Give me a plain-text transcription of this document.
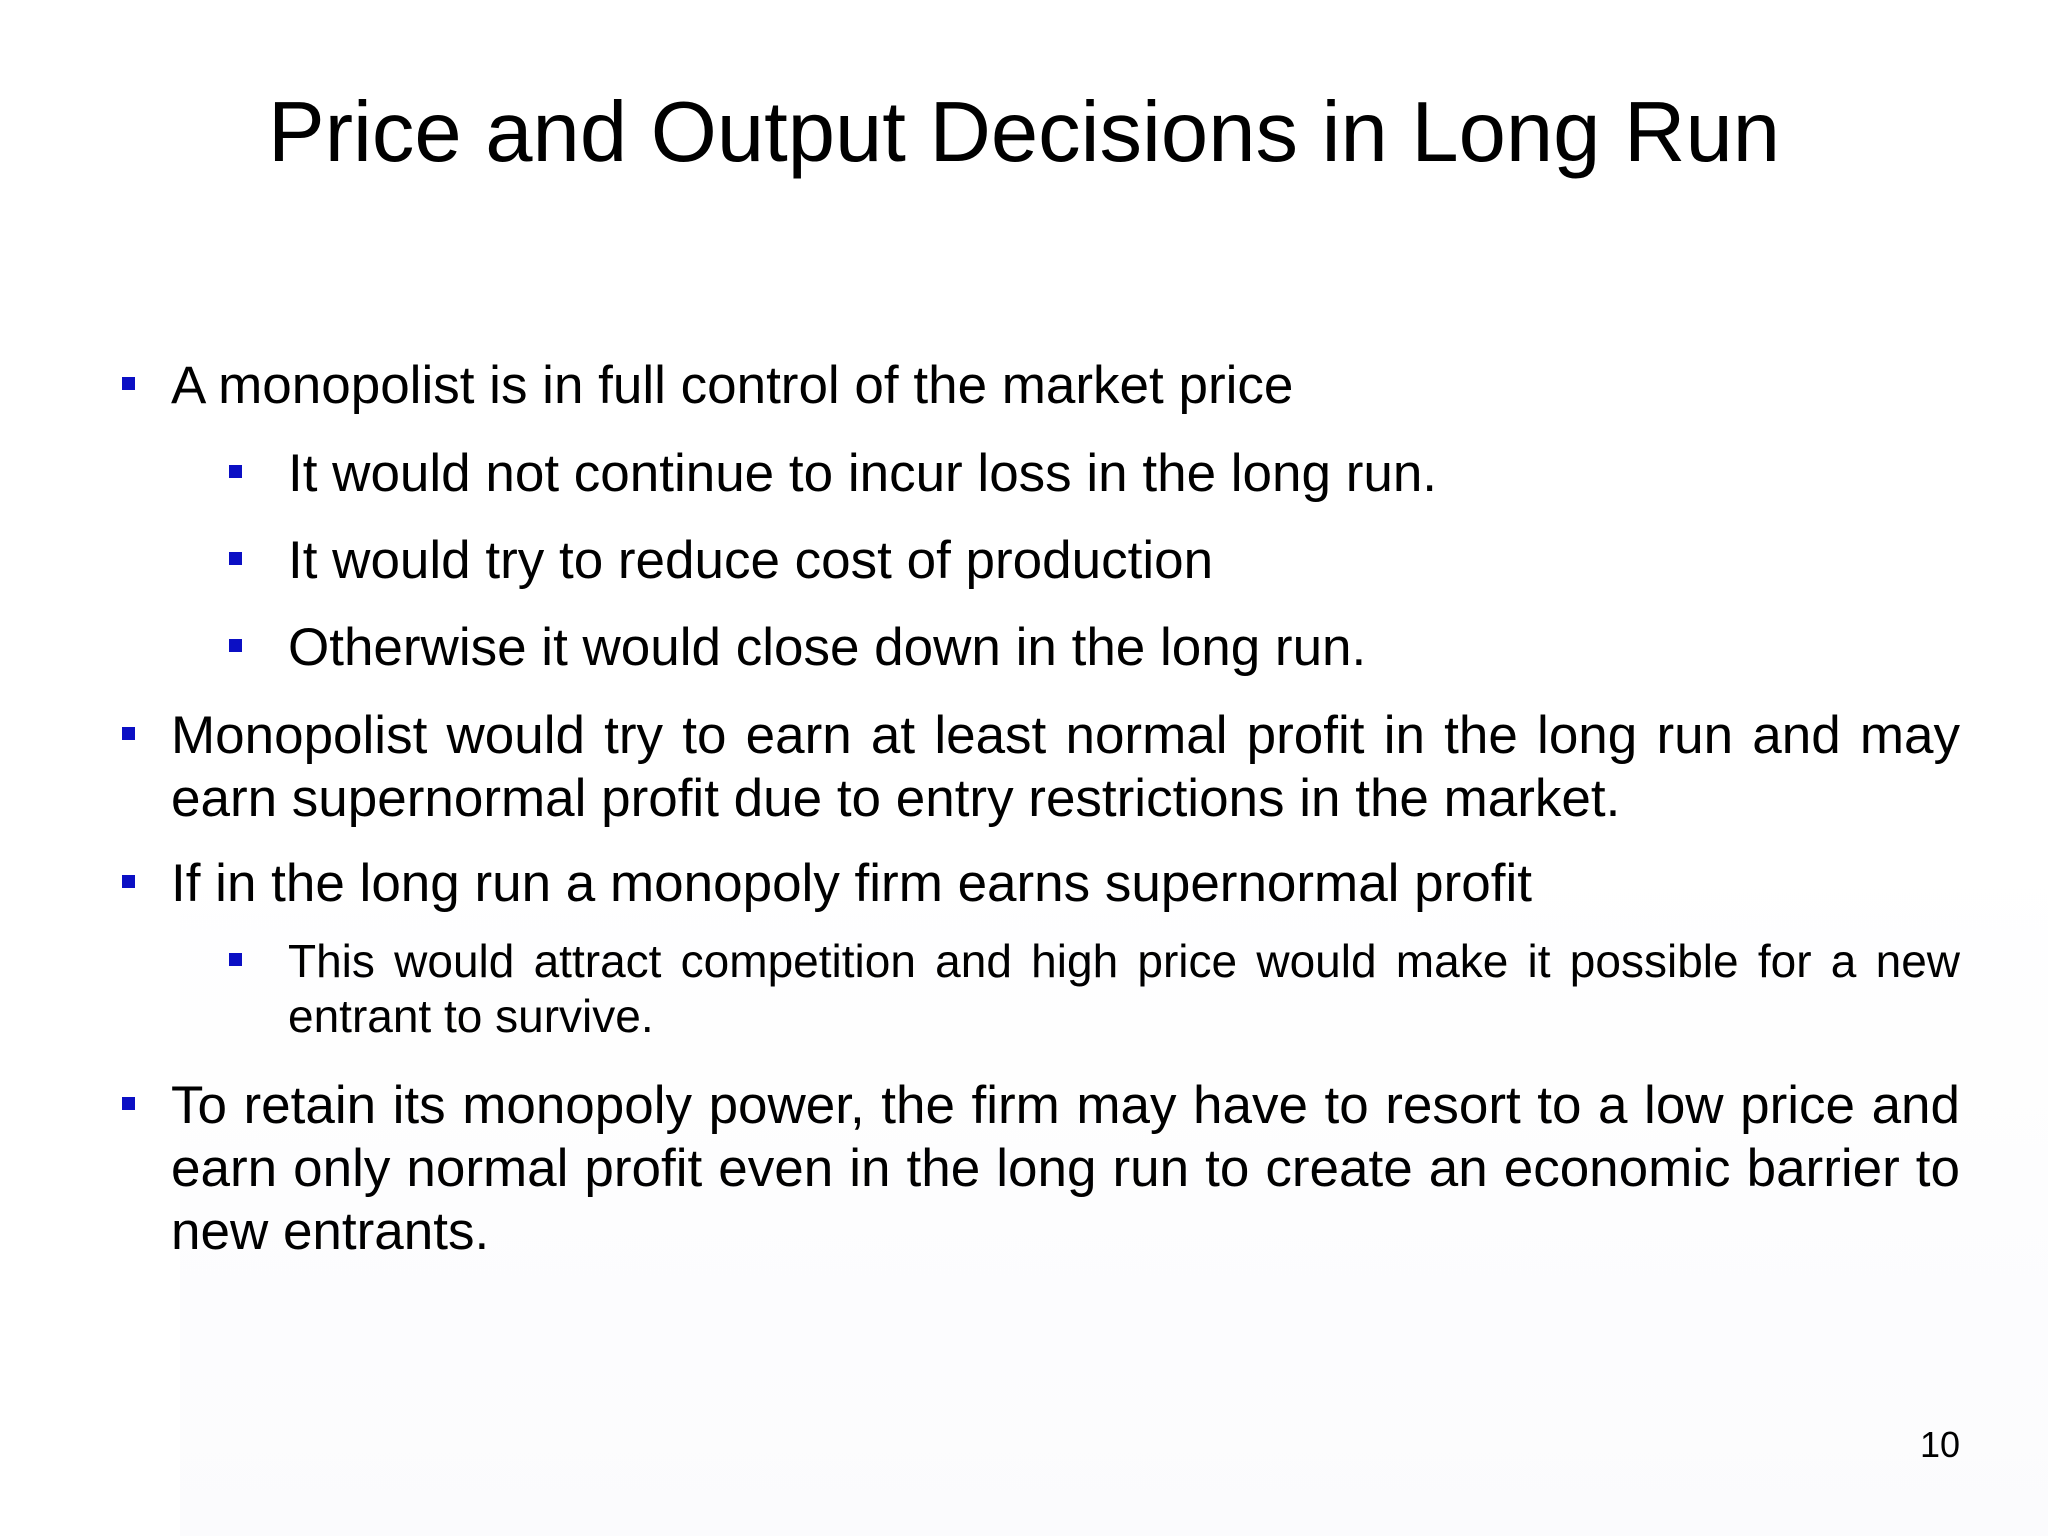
Price and Output Decisions in Long Run
A monopolist is in full control of the market price
It would not continue to incur loss in the long run.
It would try to reduce cost of production
Otherwise it would close down in the long run.
Monopolist would try to earn at least normal profit in the long run and may earn supernormal profit due to entry restrictions in the market.
If in the long run a monopoly firm earns supernormal profit
This would attract competition and high price would make it possible for a new entrant to survive.
To retain its monopoly power, the firm may have to resort to a low price and earn only normal profit even in the long run to create an economic barrier to new entrants.
10
